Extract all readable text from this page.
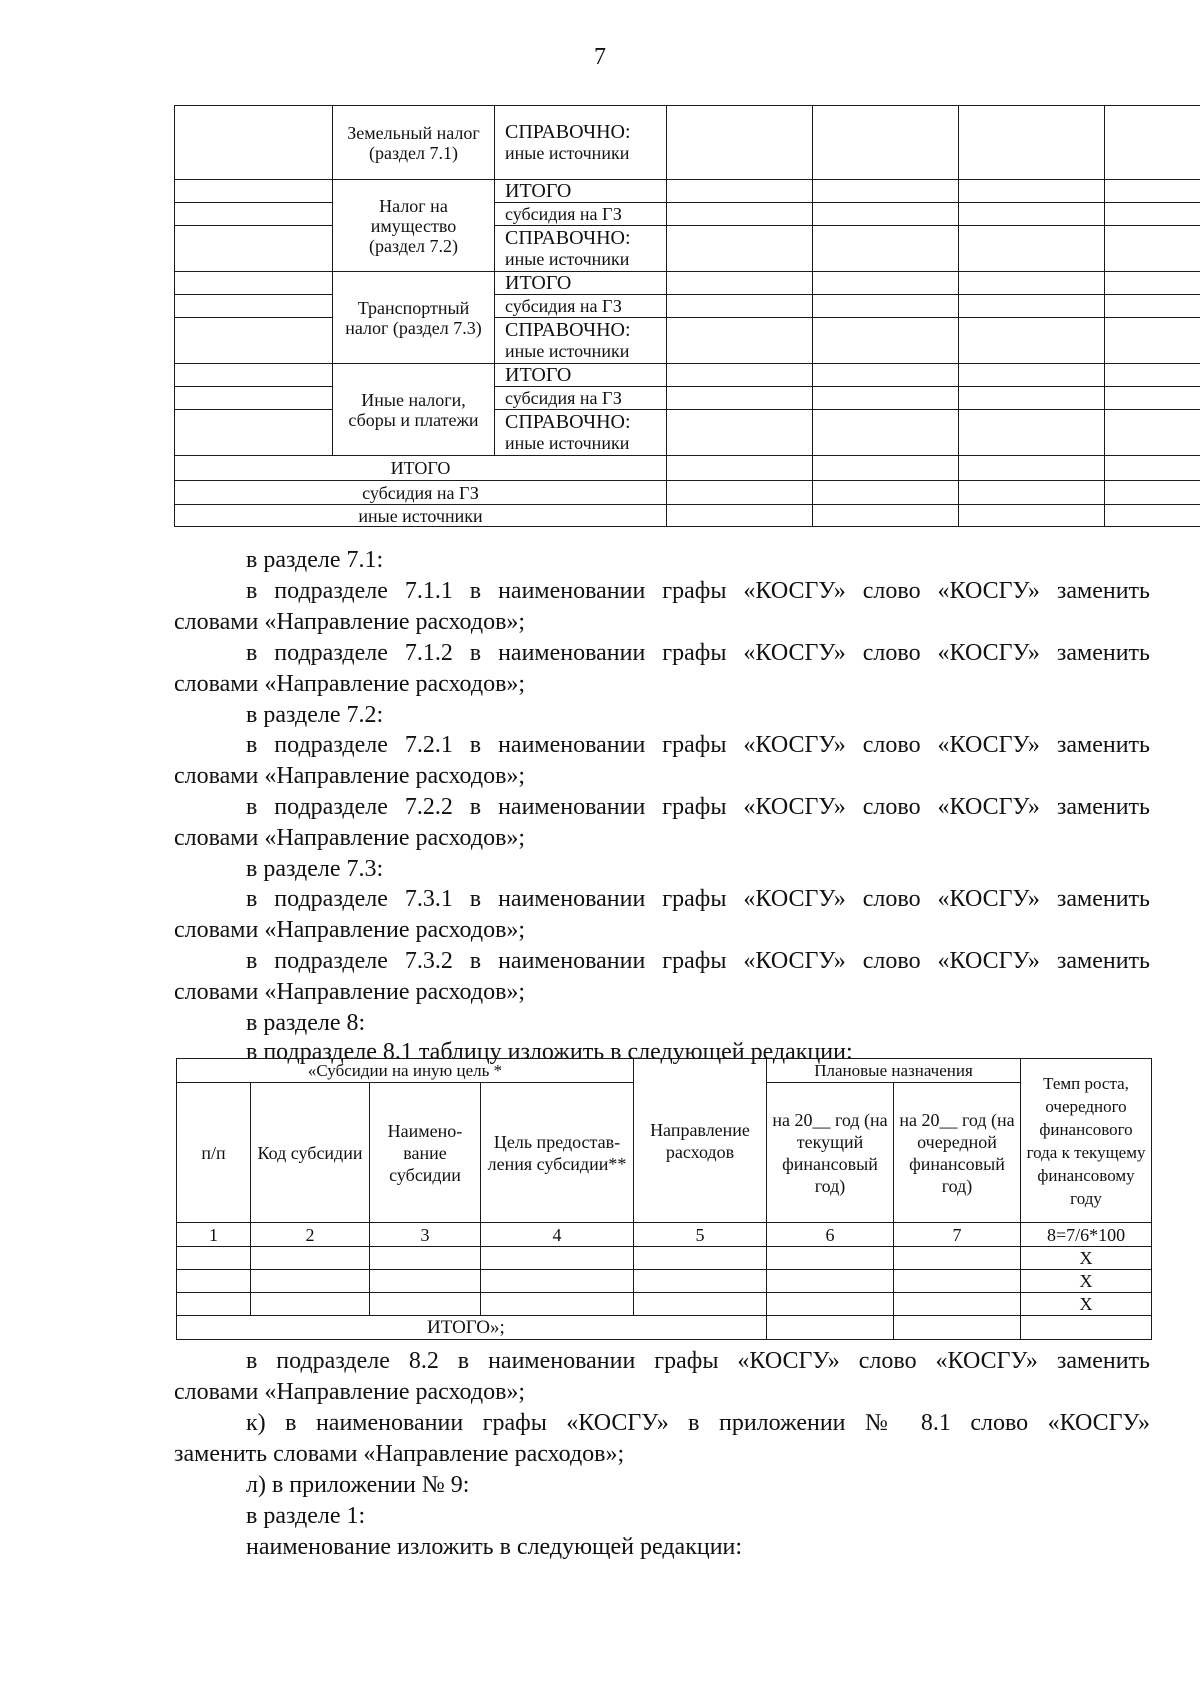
7
	Земельный налог (раздел 7.1)	СПРАВОЧНО:
иные источники				

	Налог на имущество (раздел 7.2)	ИТОГО				
		субсидия на ГЗ				

		СПРАВОЧНО:
иные источники				

	Транспортный налог (раздел 7.3)	ИТОГО				
		субсидия на ГЗ				

		СПРАВОЧНО:
иные источники				

	Иные налоги, сборы и платежи	ИТОГО				
		субсидия на ГЗ				

		СПРАВОЧНО:
иные источники				

ИТОГО						
субсидия на ГЗ						
иные источники						
в разделе 7.1:
в подразделе 7.1.1 в наименовании графы «КОСГУ» слово «КОСГУ» заменить
словами «Направление расходов»;
в подразделе 7.1.2 в наименовании графы «КОСГУ» слово «КОСГУ» заменить
словами «Направление расходов»;
в разделе 7.2:
в подразделе 7.2.1 в наименовании графы «КОСГУ» слово «КОСГУ» заменить
словами «Направление расходов»;
в подразделе 7.2.2 в наименовании графы «КОСГУ» слово «КОСГУ» заменить
словами «Направление расходов»;
в разделе 7.3:
в подразделе 7.3.1 в наименовании графы «КОСГУ» слово «КОСГУ» заменить
словами «Направление расходов»;
в подразделе 7.3.2 в наименовании графы «КОСГУ» слово «КОСГУ» заменить
словами «Направление расходов»;
в разделе 8:
в подразделе 8.1 таблицу изложить в следующей редакции:
«Субсидии на иную цель *				Направление расходов	Плановые назначения		Темп роста, очередного финансового года к текущему финансовому году
п/п	Код субсидии	Наимено- вание субсидии	Цель предостав- ления субсидии**		на 20__ год (на текущий финансовый год)	на 20__ год (на очередной финансовый год)	
1	2	3	4	5	6	7	8=7/6*100
							Х
							Х
							Х
ИТОГО»;							
в подразделе 8.2 в наименовании графы «КОСГУ» слово «КОСГУ» заменить
словами «Направление расходов»;
к) в наименовании графы «КОСГУ» в приложении № 8.1 слово «КОСГУ»
заменить словами «Направление расходов»;
л) в приложении № 9:
в разделе 1:
наименование изложить в следующей редакции:
